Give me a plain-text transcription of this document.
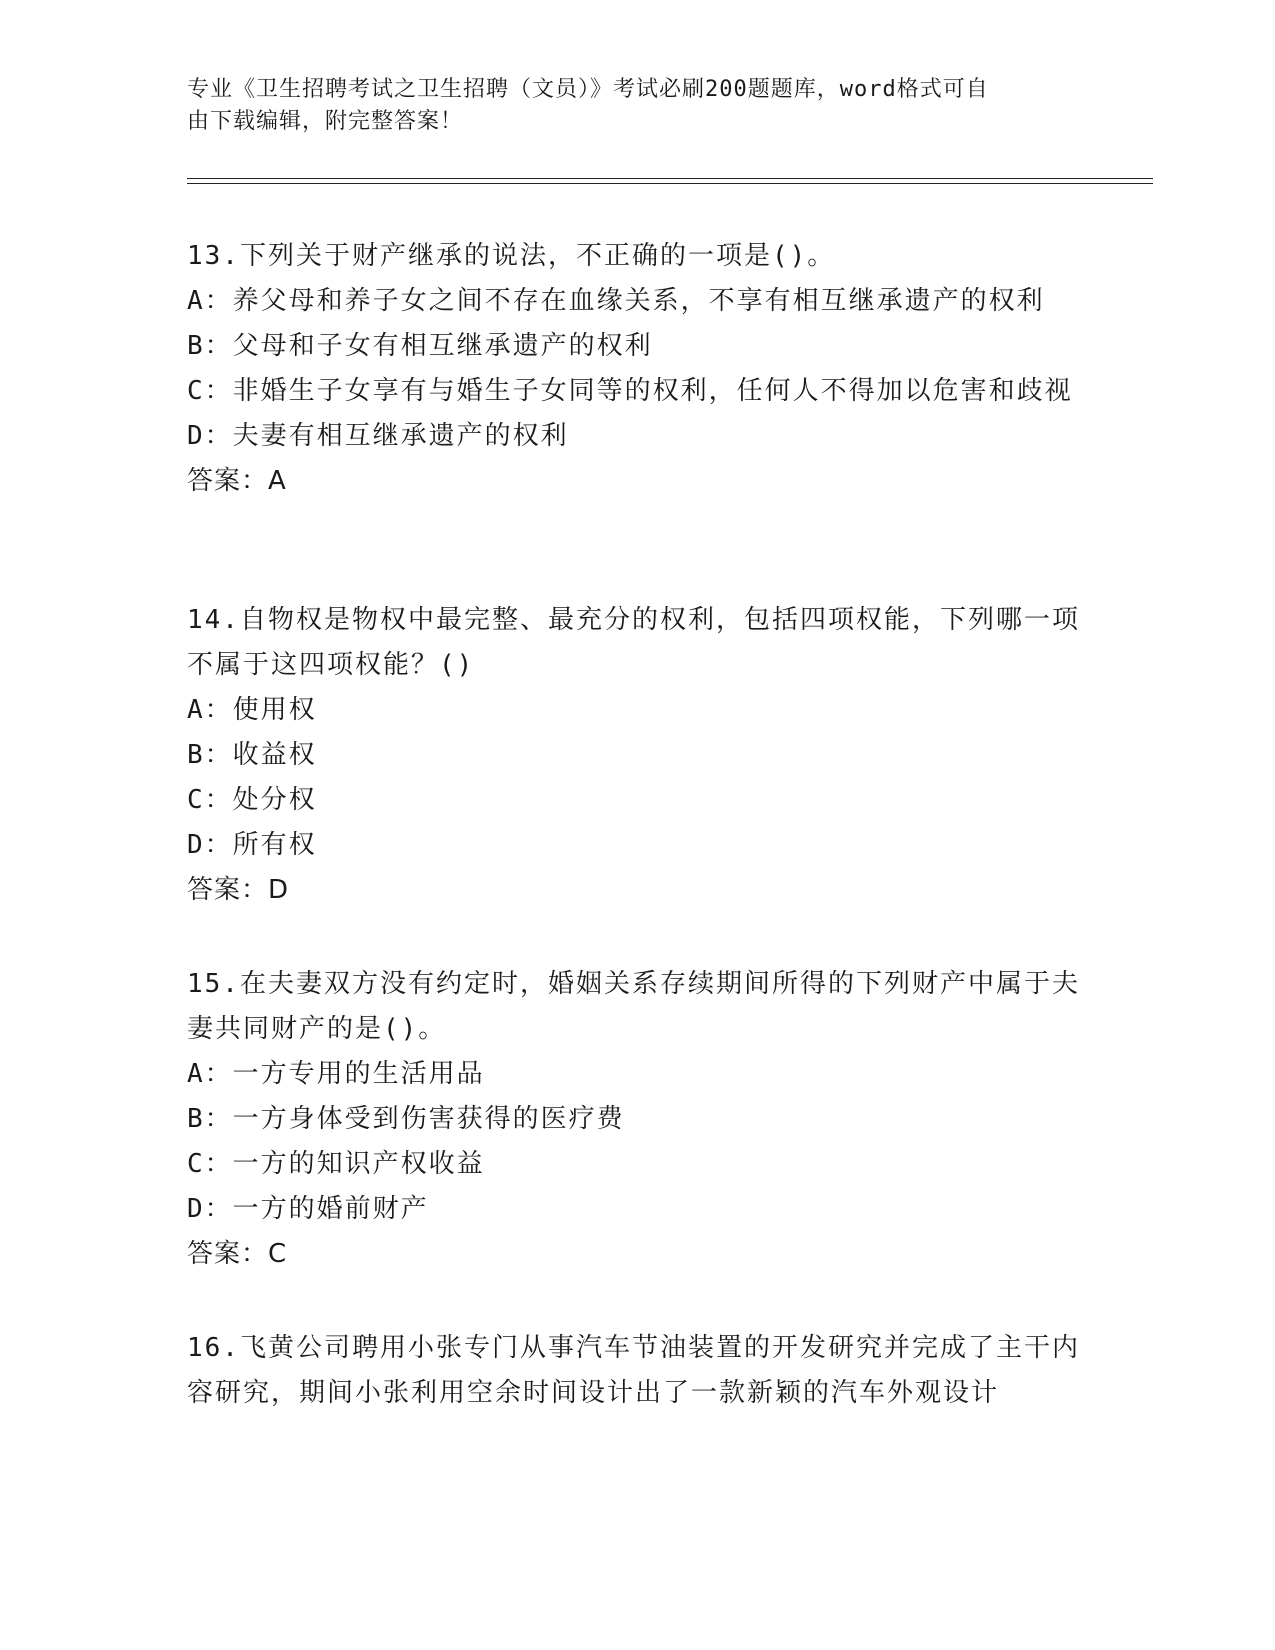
专业《卫生招聘考试之卫生招聘（文员）》考试必刷200题题库，word格式可自
由下载编辑，附完整答案！
13.下列关于财产继承的说法，不正确的一项是()。
A：养父母和养子女之间不存在血缘关系，不享有相互继承遗产的权利
B：父母和子女有相互继承遗产的权利
C：非婚生子女享有与婚生子女同等的权利，任何人不得加以危害和歧视
D：夫妻有相互继承遗产的权利
答案：A
14.自物权是物权中最完整、最充分的权利，包括四项权能，下列哪一项不属于这四项权能？()
A：使用权
B：收益权
C：处分权
D：所有权
答案：D
15.在夫妻双方没有约定时，婚姻关系存续期间所得的下列财产中属于夫妻共同财产的是()。
A：一方专用的生活用品
B：一方身体受到伤害获得的医疗费
C：一方的知识产权收益
D：一方的婚前财产
答案：C
16.飞黄公司聘用小张专门从事汽车节油装置的开发研究并完成了主干内容研究，期间小张利用空余时间设计出了一款新颖的汽车外观设计
